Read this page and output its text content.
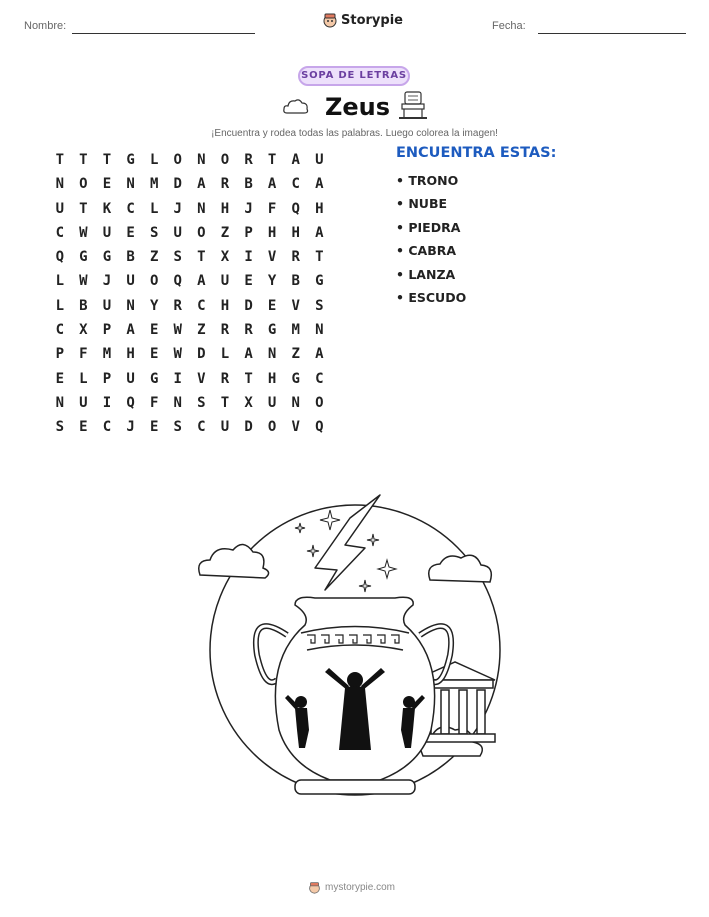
Nombre:	Storypie	Fecha:
SOPA DE LETRAS
Zeus
¡Encuentra y rodea todas las palabras. Luego colorea la imagen!
T	T	T	G	L	O	N	O	R	T	A	U
N	O	E	N	M	D	A	R	B	A	C	A
U	T	K	C	L	J	N	H	J	F	Q	H
C	W	U	E	S	U	O	Z	P	H	H	A
Q	G	G	B	Z	S	T	X	I	V	R	T
L	W	J	U	O	Q	A	U	E	Y	B	G
L	B	U	N	Y	R	C	H	D	E	V	S
C	X	P	A	E	W	Z	R	R	G	M	N
P	F	M	H	E	W	D	L	A	N	Z	A
E	L	P	U	G	I	V	R	T	H	G	C
N	U	I	Q	F	N	S	T	X	U	N	O
S	E	C	J	E	S	C	U	D	O	V	Q
ENCUENTRA ESTAS:
• TRONO
• NUBE
• PIEDRA
• CABRA
• LANZA
• ESCUDO
mystorypie.com
